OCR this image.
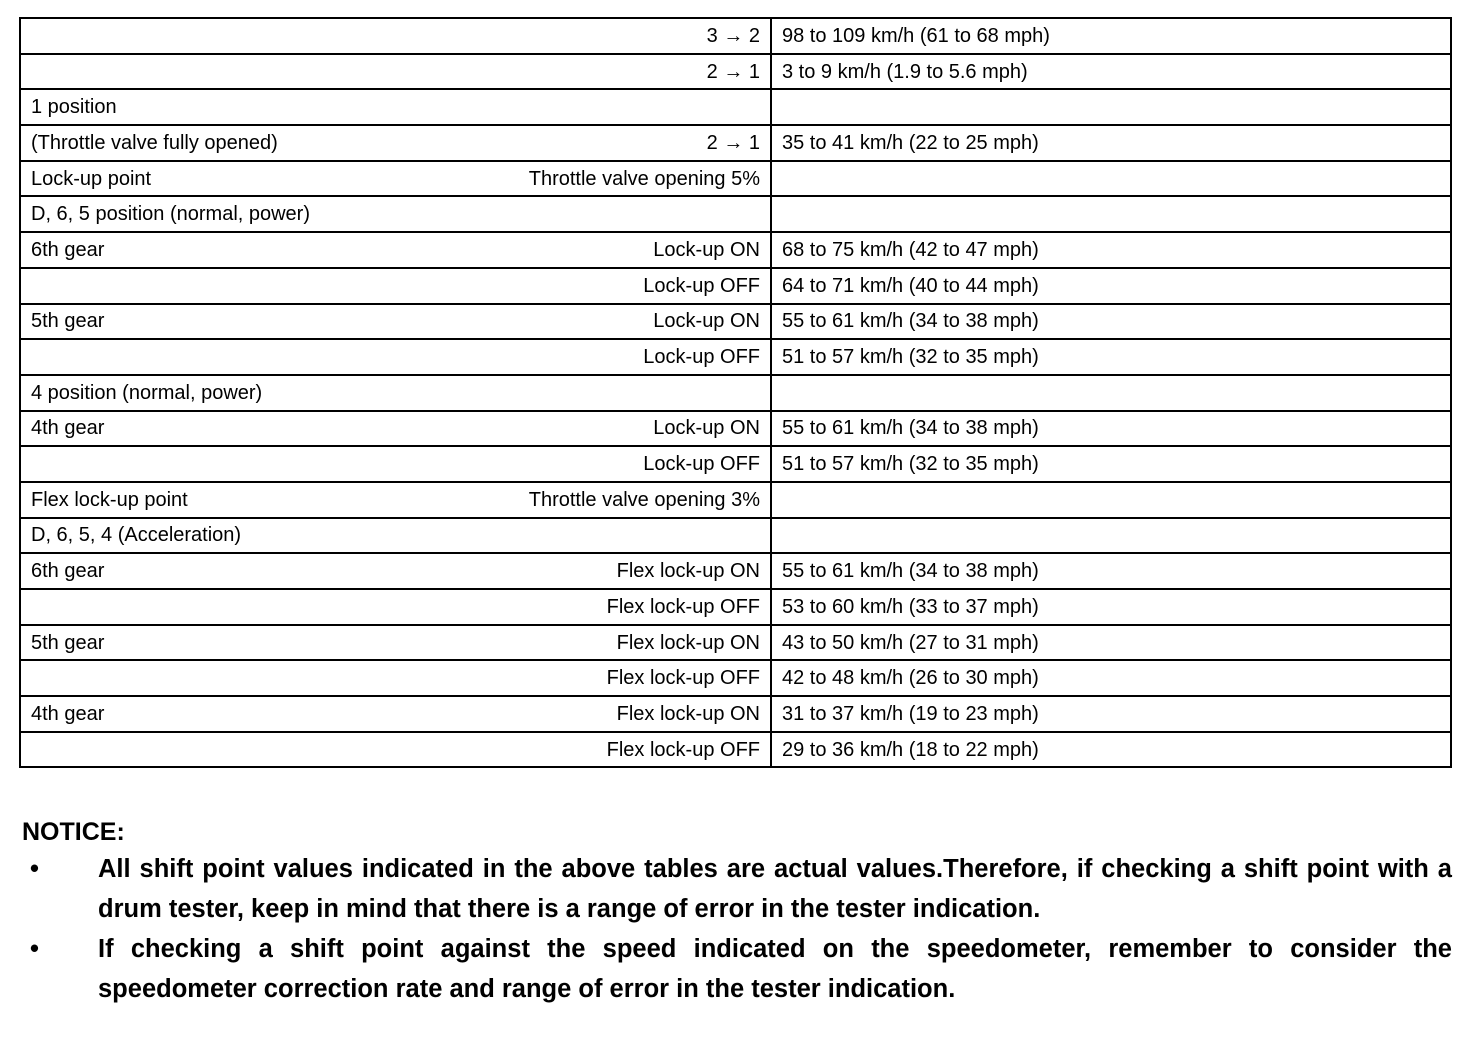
3 → 2	98 to 109 km/h (61 to 68 mph)

2 → 1	3 to 9 km/h (1.9 to 5.6 mph)

1 position	

(Throttle valve fully opened) 2 → 1	35 to 41 km/h (22 to 25 mph)

Lock-up point Throttle valve opening 5%	

D, 6, 5 position (normal, power)	

6th gear Lock-up ON	68 to 75 km/h (42 to 47 mph)

Lock-up OFF	64 to 71 km/h (40 to 44 mph)

5th gear Lock-up ON	55 to 61 km/h (34 to 38 mph)

Lock-up OFF	51 to 57 km/h (32 to 35 mph)

4 position (normal, power)	

4th gear Lock-up ON	55 to 61 km/h (34 to 38 mph)

Lock-up OFF	51 to 57 km/h (32 to 35 mph)

Flex lock-up point Throttle valve opening 3%	

D, 6, 5, 4 (Acceleration)	

6th gear Flex lock-up ON	55 to 61 km/h (34 to 38 mph)

Flex lock-up OFF	53 to 60 km/h (33 to 37 mph)

5th gear Flex lock-up ON	43 to 50 km/h (27 to 31 mph)

Flex lock-up OFF	42 to 48 km/h (26 to 30 mph)

4th gear Flex lock-up ON	31 to 37 km/h (19 to 23 mph)

Flex lock-up OFF	29 to 36 km/h (18 to 22 mph)

NOTICE:

•	All shift point values indicated in the above tables are actual values.Therefore, if checking a shift point with a drum tester, keep in mind that there is a range of error in the tester indication.
•	If checking a shift point against the speed indicated on the speedometer, remember to consider the speedometer correction rate and range of error in the tester indication.
